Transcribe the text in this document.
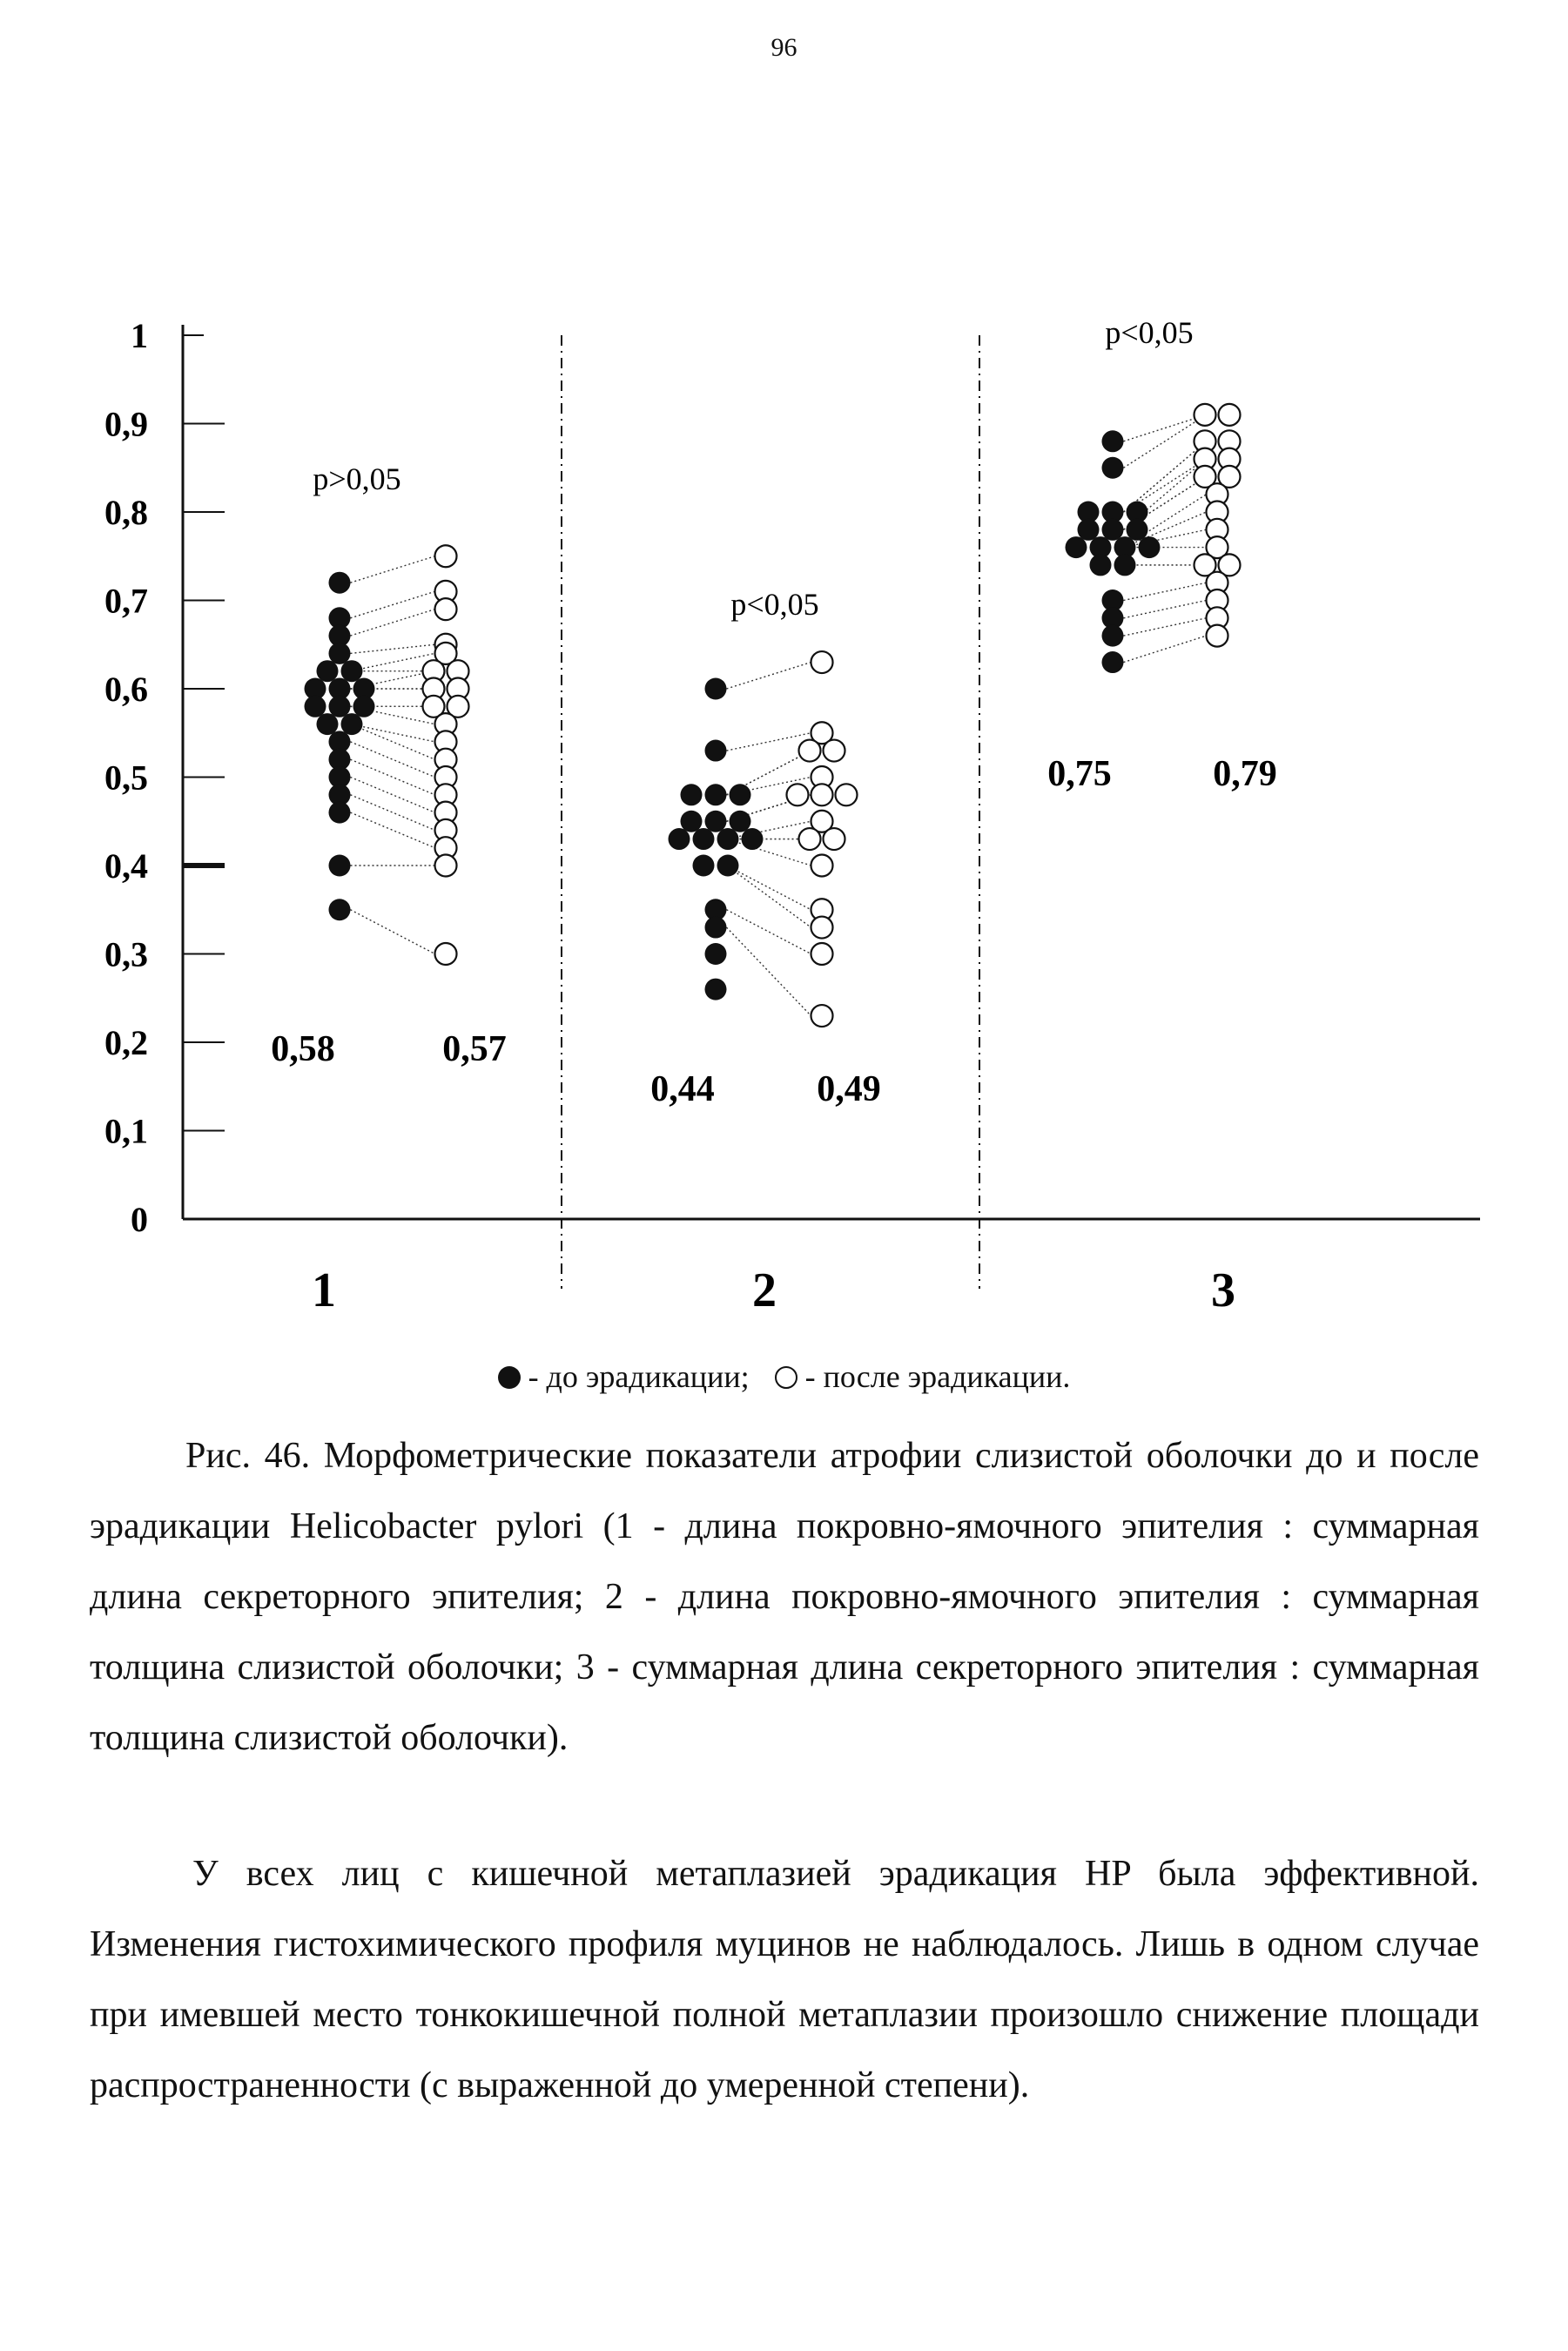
96
0
0,1
0,2
0,3
0,4
0,5
0,6
0,7
0,8
0,9
1
p>0,05
0,58	0,57
1
p<0,05
0,44	0,49
2
p<0,05
0,75	0,79
3
- до эрадикации; - после эрадикации.
Рис. 46. Морфометрические показатели атрофии слизистой оболочки до и после эрадикации Helicobacter pylori (1 - длина покровно-ямочного эпителия : суммарная длина секреторного эпителия; 2 - длина покровно-ямочного эпителия : суммарная толщина слизистой оболочки; 3 - суммарная длина секреторного эпителия : суммарная толщина слизистой оболочки).
У всех лиц с кишечной метаплазией эрадикация HP была эффективной. Изменения гистохимического профиля муцинов не наблюдалось. Лишь в одном случае при имевшей место тонкокишечной полной метаплазии произошло снижение площади распространенности (с выраженной до умеренной степени).
